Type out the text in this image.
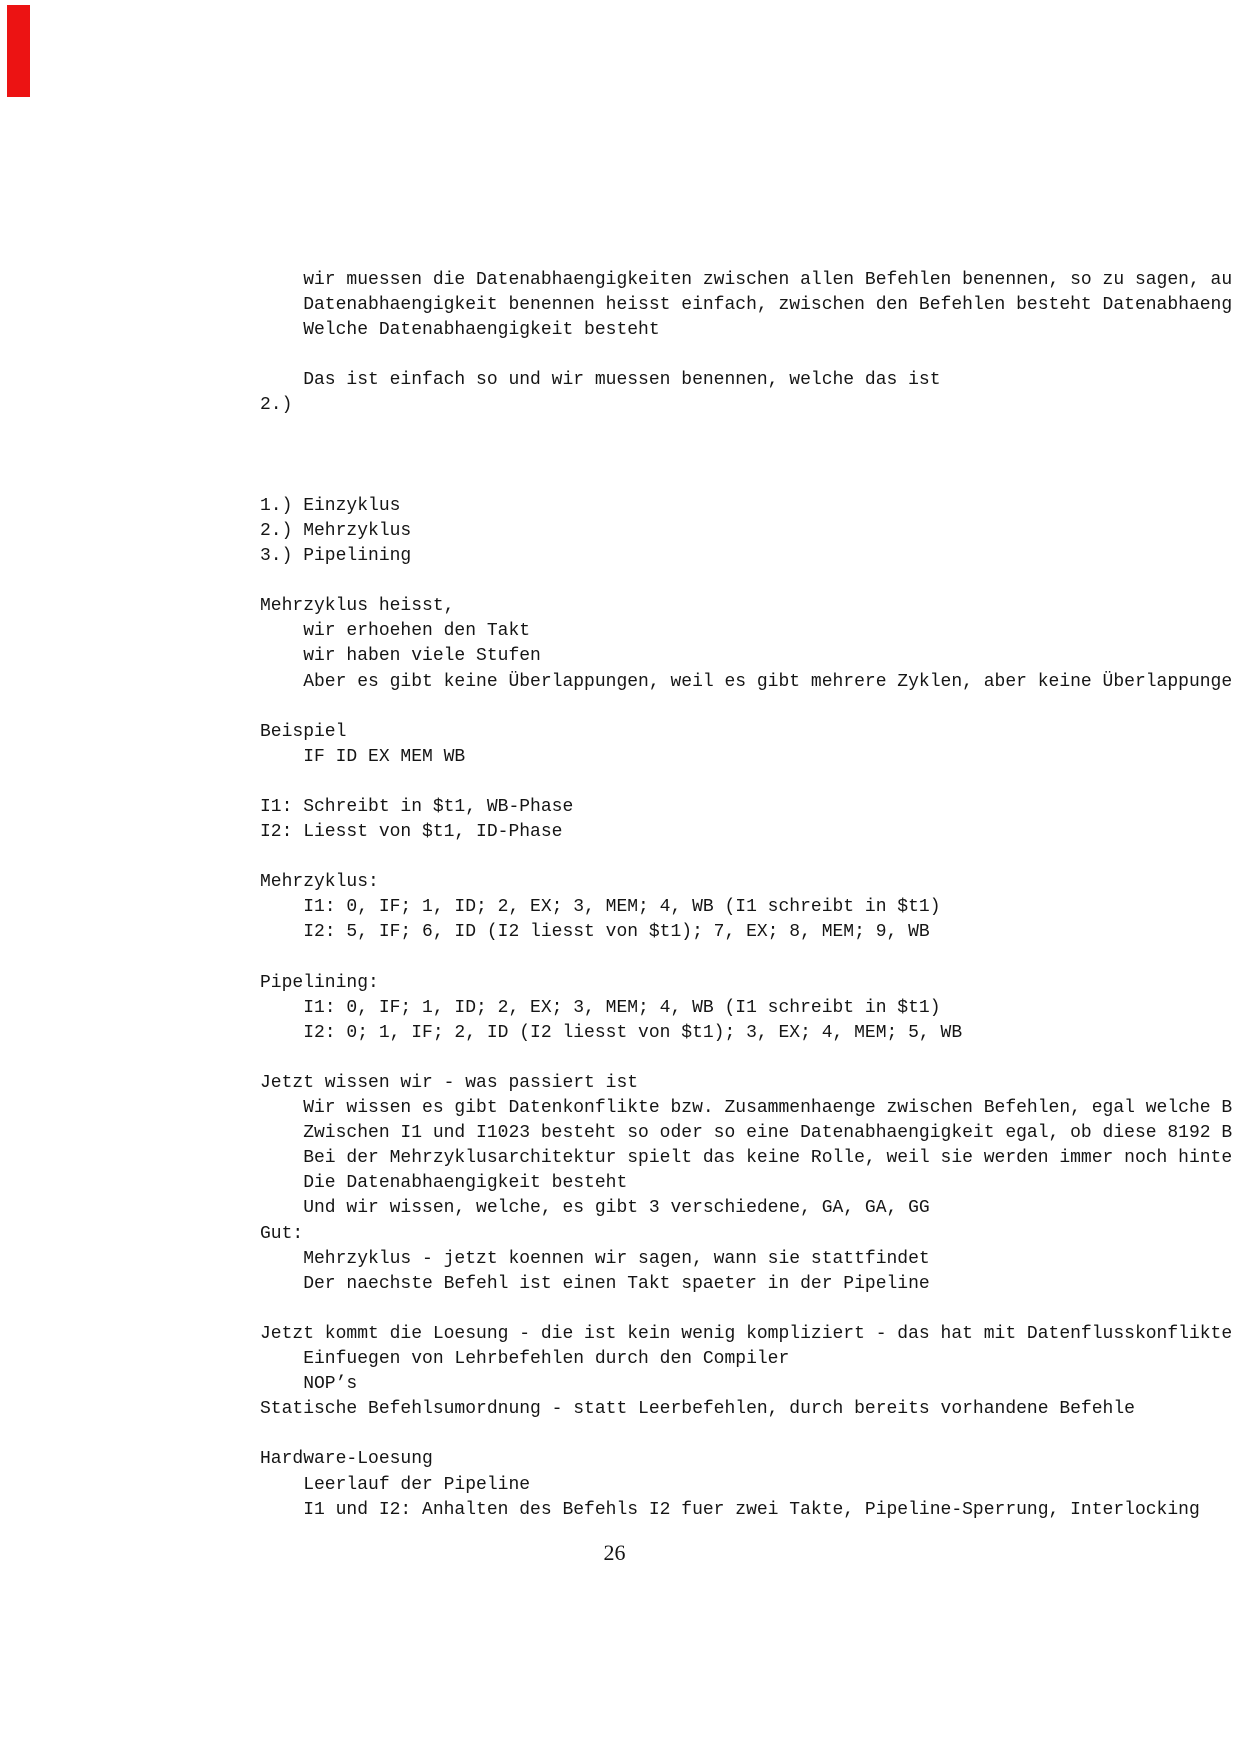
wir muessen die Datenabhaengigkeiten zwischen allen Befehlen benennen, so zu sagen, au
Datenabhaengigkeit benennen heisst einfach, zwischen den Befehlen besteht Datenabhaeng
Welche Datenabhaengigkeit besteht
Das ist einfach so und wir muessen benennen, welche das ist
2.)
1.) Einzyklus
2.) Mehrzyklus
3.) Pipelining
Mehrzyklus heisst,
wir erhoehen den Takt
wir haben viele Stufen
Aber es gibt keine Überlappungen, weil es gibt mehrere Zyklen, aber keine Überlappunge
Beispiel
IF ID EX MEM WB
I1: Schreibt in $t1, WB-Phase
I2: Liesst von $t1, ID-Phase
Mehrzyklus:
I1: 0, IF; 1, ID; 2, EX; 3, MEM; 4, WB (I1 schreibt in $t1)
I2: 5, IF; 6, ID (I2 liesst von $t1); 7, EX; 8, MEM; 9, WB
Pipelining:
I1: 0, IF; 1, ID; 2, EX; 3, MEM; 4, WB (I1 schreibt in $t1)
I2: 0; 1, IF; 2, ID (I2 liesst von $t1); 3, EX; 4, MEM; 5, WB
Jetzt wissen wir - was passiert ist
Wir wissen es gibt Datenkonflikte bzw. Zusammenhaenge zwischen Befehlen, egal welche B
Zwischen I1 und I1023 besteht so oder so eine Datenabhaengigkeit egal, ob diese 8192 B
Bei der Mehrzyklusarchitektur spielt das keine Rolle, weil sie werden immer noch hinte
Die Datenabhaengigkeit besteht
Und wir wissen, welche, es gibt 3 verschiedene, GA, GA, GG
Gut:
Mehrzyklus - jetzt koennen wir sagen, wann sie stattfindet
Der naechste Befehl ist einen Takt spaeter in der Pipeline
Jetzt kommt die Loesung - die ist kein wenig kompliziert - das hat mit Datenflusskonflikte
Einfuegen von Lehrbefehlen durch den Compiler
NOP’s
Statische Befehlsumordnung - statt Leerbefehlen, durch bereits vorhandene Befehle
Hardware-Loesung
Leerlauf der Pipeline
I1 und I2: Anhalten des Befehls I2 fuer zwei Takte, Pipeline-Sperrung, Interlocking
26
